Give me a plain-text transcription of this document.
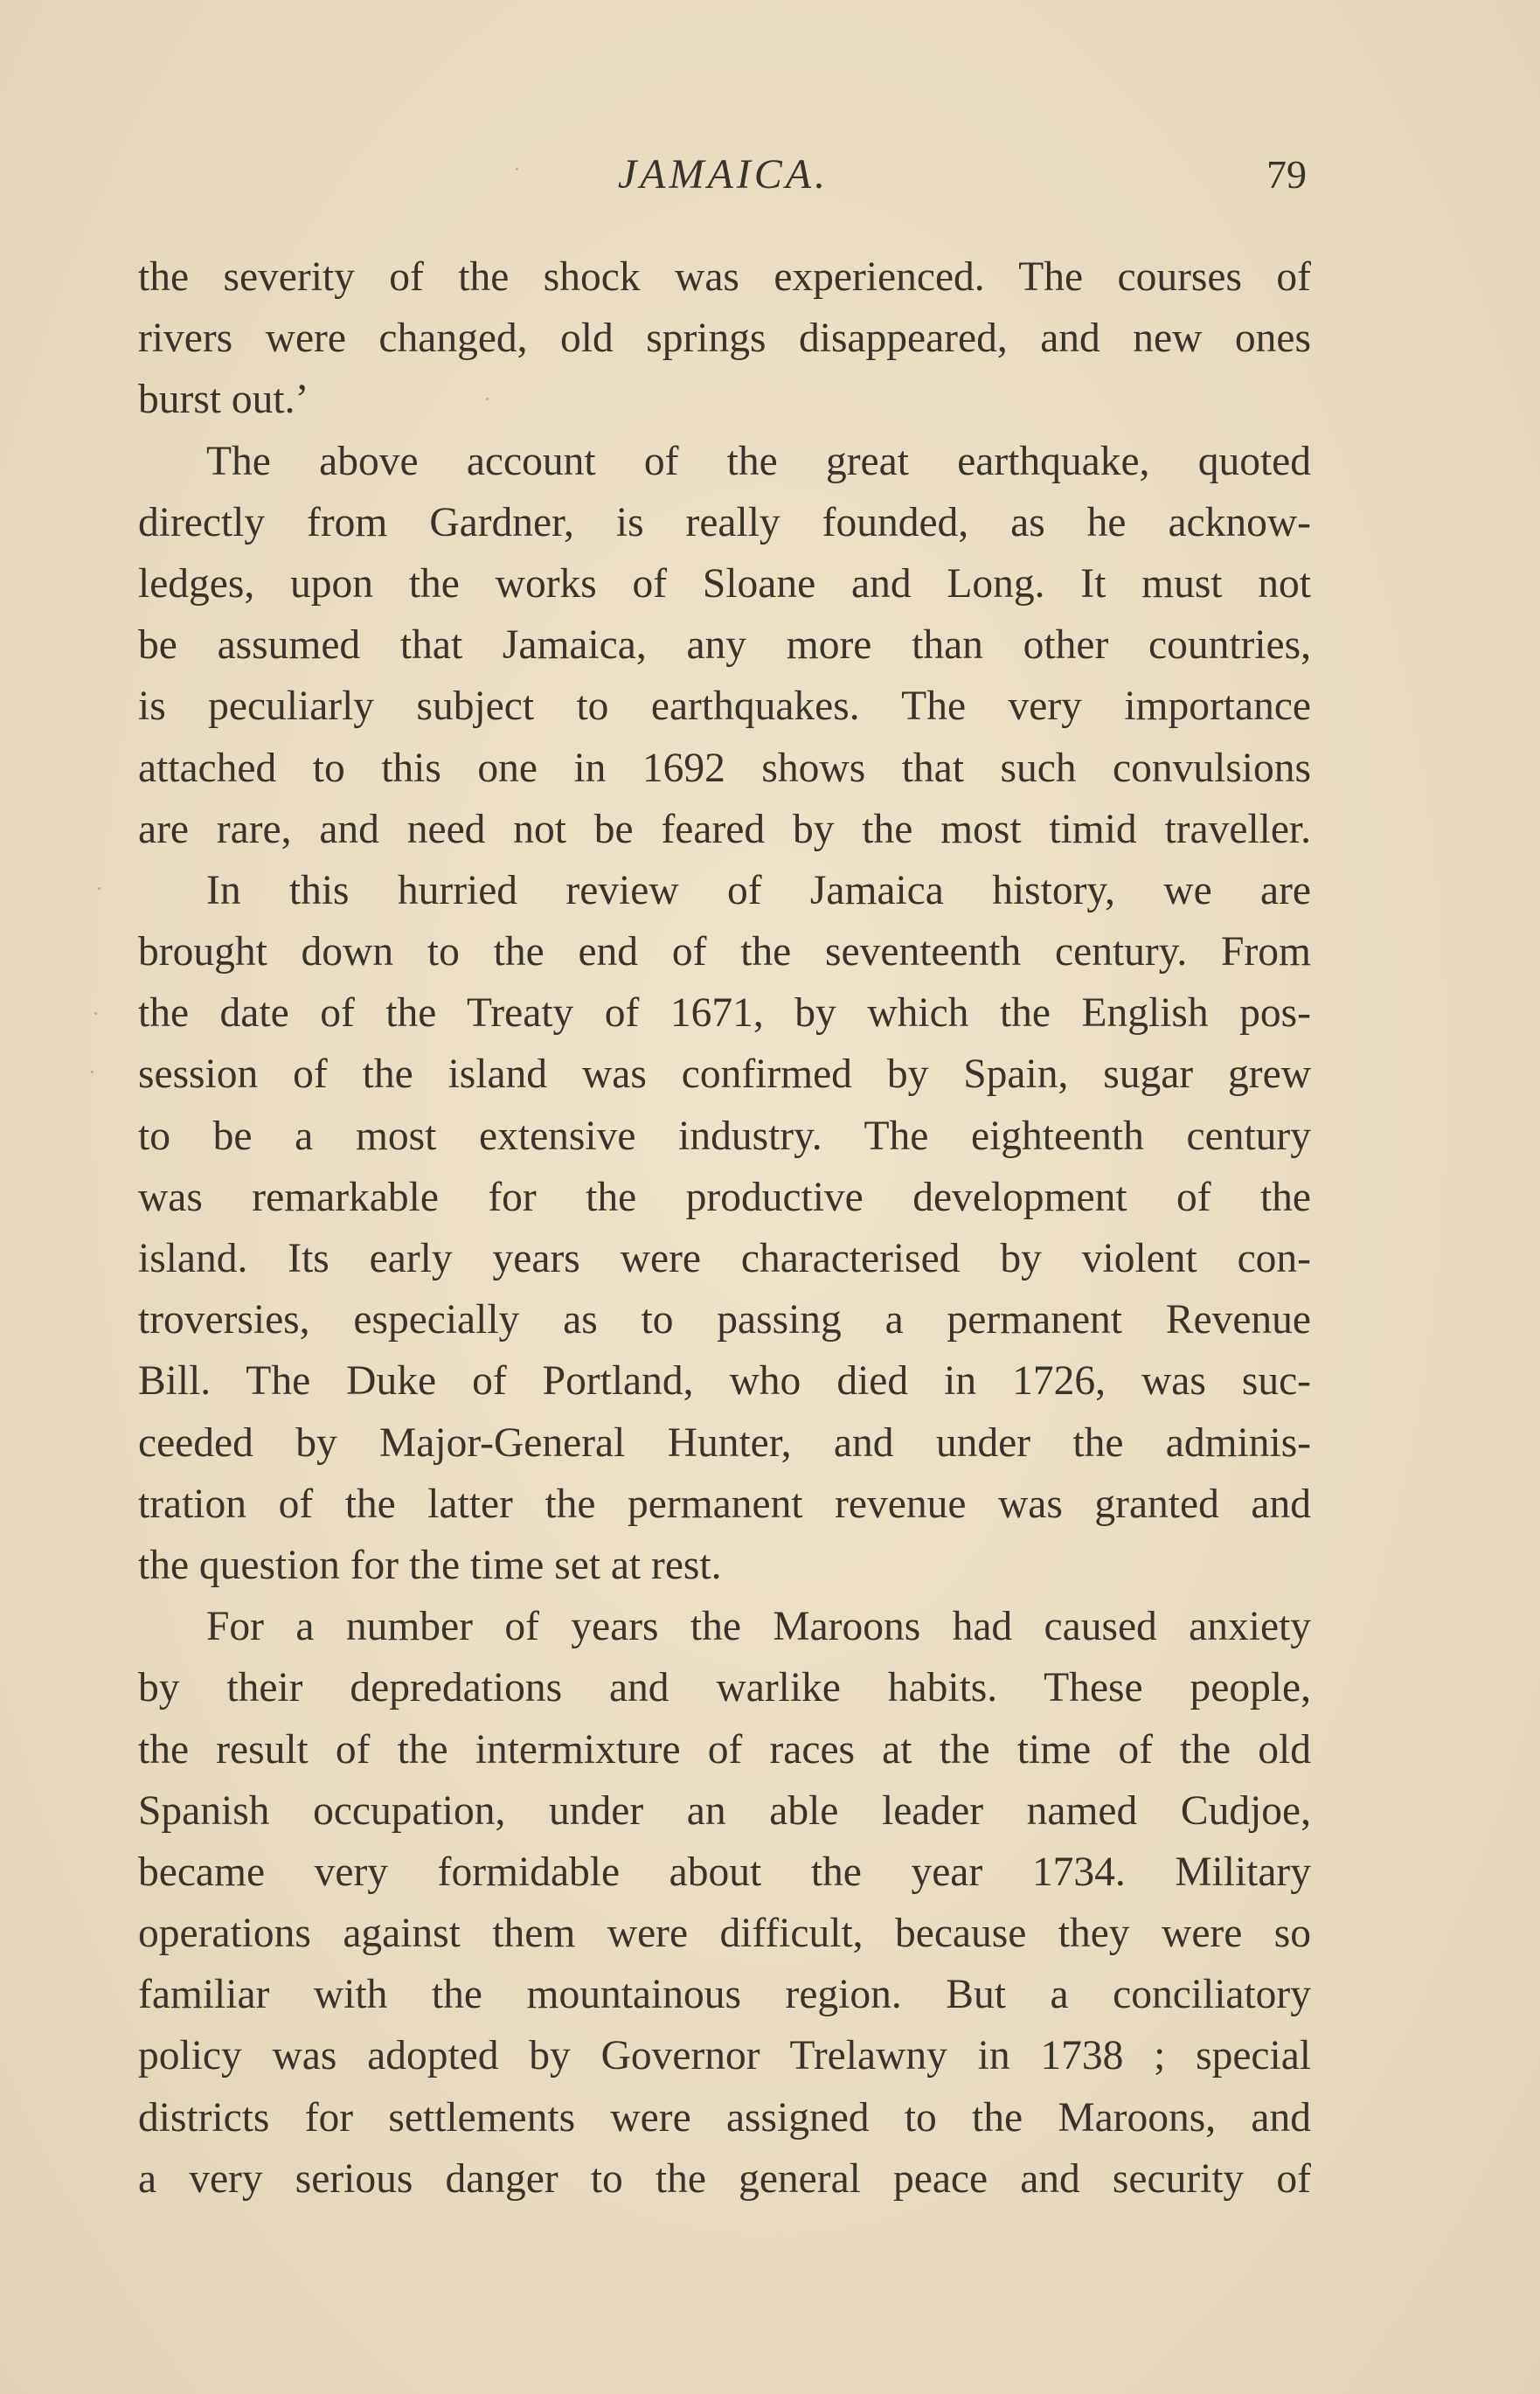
JAMAICA.	79
the severity of the shock was experienced. The courses of
rivers were changed, old springs disappeared, and new ones
burst out.’
The above account of the great earthquake, quoted
directly from Gardner, is really founded, as he acknow-
ledges, upon the works of Sloane and Long. It must not
be assumed that Jamaica, any more than other countries,
is peculiarly subject to earthquakes. The very importance
attached to this one in 1692 shows that such convulsions
are rare, and need not be feared by the most timid traveller.
In this hurried review of Jamaica history, we are
brought down to the end of the seventeenth century. From
the date of the Treaty of 1671, by which the English pos-
session of the island was confirmed by Spain, sugar grew
to be a most extensive industry. The eighteenth century
was remarkable for the productive development of the
island. Its early years were characterised by violent con-
troversies, especially as to passing a permanent Revenue
Bill. The Duke of Portland, who died in 1726, was suc-
ceeded by Major-General Hunter, and under the adminis-
tration of the latter the permanent revenue was granted and
the question for the time set at rest.
For a number of years the Maroons had caused anxiety
by their depredations and warlike habits. These people,
the result of the intermixture of races at the time of the old
Spanish occupation, under an able leader named Cudjoe,
became very formidable about the year 1734. Military
operations against them were difficult, because they were so
familiar with the mountainous region. But a conciliatory
policy was adopted by Governor Trelawny in 1738 ; special
districts for settlements were assigned to the Maroons, and
a very serious danger to the general peace and security of
